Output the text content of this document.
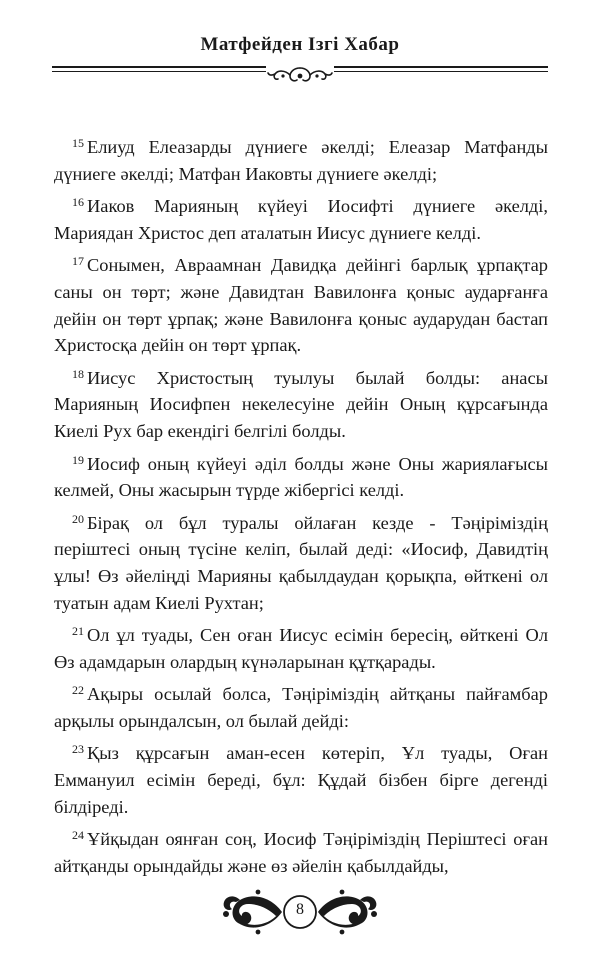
Матфейден Ізгі Хабар

$^{15}$ Елиуд Елеазарды дүниеге әкелді; Елеазар Матфанды дүниеге әкелді; Матфан Иаковты дүниеге әкелді;

$^{16}$ Иаков Марияның күйеуі Иосифті дүниеге әкелді, Мариядан Христос деп аталатын Иисус дүниеге келді.

$^{17}$ Сонымен, Авраамнан Давидқа дейінгі барлық ұрпақтар саны он төрт; және Давидтан Вавилонға қоныс аударғанға дейін он төрт ұрпақ; және Вавилонға қоныс аударудан бастап Христосқа дейін он төрт ұрпақ.

$^{18}$ Иисус Христостың туылуы былай болды: анасы Марияның Иосифпен некелесуіне дейін Оның құрсағында Киелі Рух бар екендігі белгілі болды.

$^{19}$ Иосиф оның күйеуі әділ болды және Оны жариялағысы келмей, Оны жасырын түрде жібергісі келді.

$^{20}$ Бірақ ол бұл туралы ойлаған кезде - Тәңіріміздің періштесі оның түсіне келіп, былай деді: «Иосиф, Давидтің ұлы! Өз әйеліңді Марияны қабылдаудан қорықпа, өйткені ол туатын адам Киелі Рухтан;

$^{21}$ Ол ұл туады, Сен оған Иисус есімін бересің, өйткені Ол Өз адамдарын олардың күнәларынан құтқарады.

$^{22}$ Ақыры осылай болса, Тәңіріміздің айтқаны пайғамбар арқылы орындалсын, ол былай дейді:

$^{23}$ Қыз құрсағын аман-есен көтеріп, Ұл туады, Оған Еммануил есімін береді, бұл: Құдай бізбен бірге дегенді білдіреді.

$^{24}$ Ұйқыдан оянған соң, Иосиф Тәңіріміздің Періштесі оған айтқанды орындайды және өз әйелін қабылдайды,

8
